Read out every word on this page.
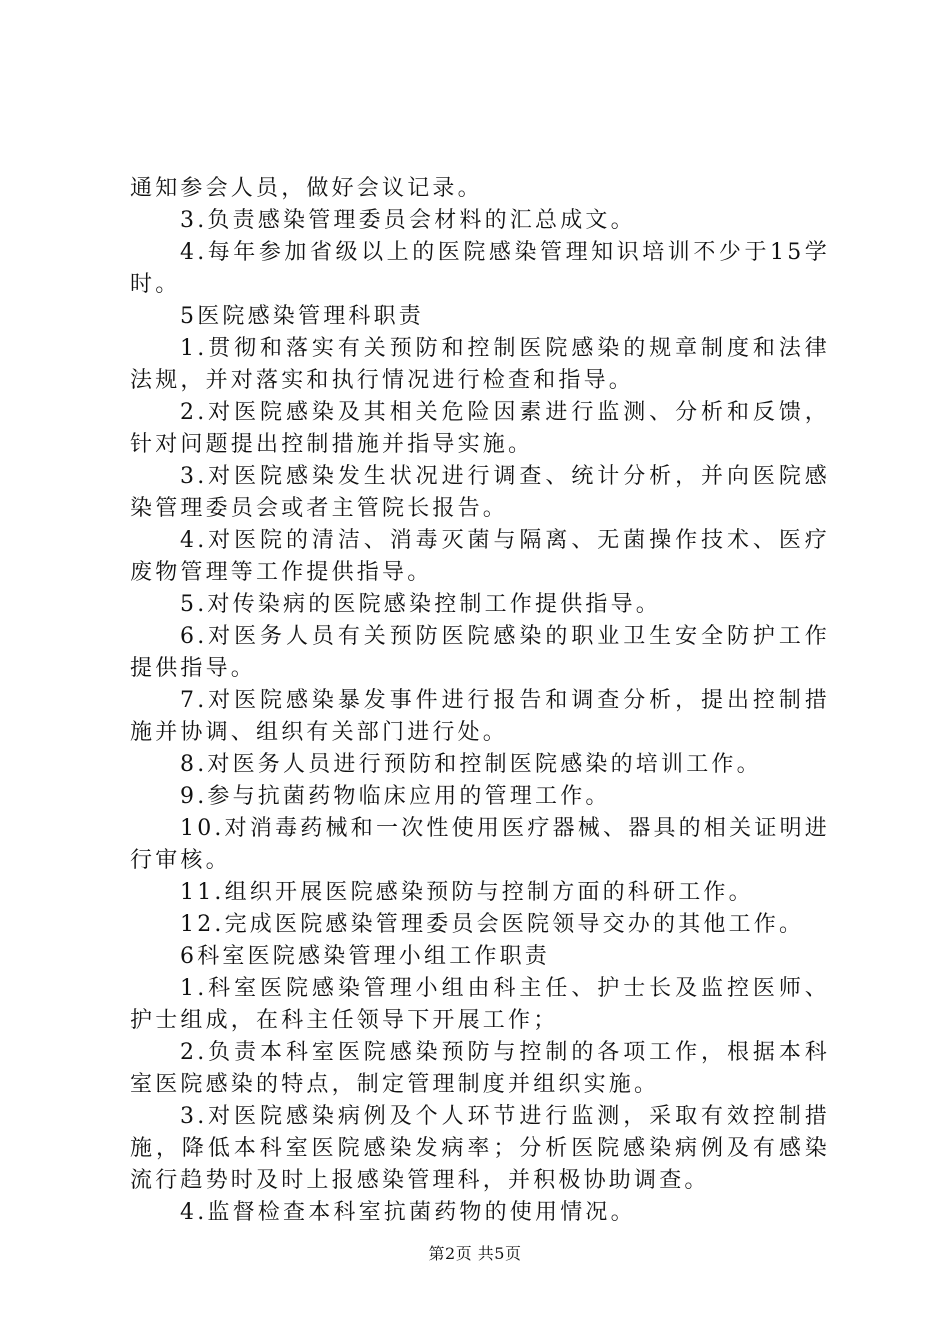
通知参会人员，做好会议记录。

3.负责感染管理委员会材料的汇总成文。

4.每年参加省级以上的医院感染管理知识培训不少于15学时。

5医院感染管理科职责

1.贯彻和落实有关预防和控制医院感染的规章制度和法律法规，并对落实和执行情况进行检查和指导。

2.对医院感染及其相关危险因素进行监测、分析和反馈，针对问题提出控制措施并指导实施。

3.对医院感染发生状况进行调查、统计分析，并向医院感染管理委员会或者主管院长报告。

4.对医院的清洁、消毒灭菌与隔离、无菌操作技术、医疗废物管理等工作提供指导。

5.对传染病的医院感染控制工作提供指导。

6.对医务人员有关预防医院感染的职业卫生安全防护工作提供指导。

7.对医院感染暴发事件进行报告和调查分析，提出控制措施并协调、组织有关部门进行处。

8.对医务人员进行预防和控制医院感染的培训工作。

9.参与抗菌药物临床应用的管理工作。

10.对消毒药械和一次性使用医疗器械、器具的相关证明进行审核。

11.组织开展医院感染预防与控制方面的科研工作。

12.完成医院感染管理委员会医院领导交办的其他工作。

6科室医院感染管理小组工作职责

1.科室医院感染管理小组由科主任、护士长及监控医师、护士组成，在科主任领导下开展工作；

2.负责本科室医院感染预防与控制的各项工作，根据本科室医院感染的特点，制定管理制度并组织实施。

3.对医院感染病例及个人环节进行监测，采取有效控制措施，降低本科室医院感染发病率；分析医院感染病例及有感染流行趋势时及时上报感染管理科，并积极协助调查。

4.监督检查本科室抗菌药物的使用情况。

第2页 共5页
